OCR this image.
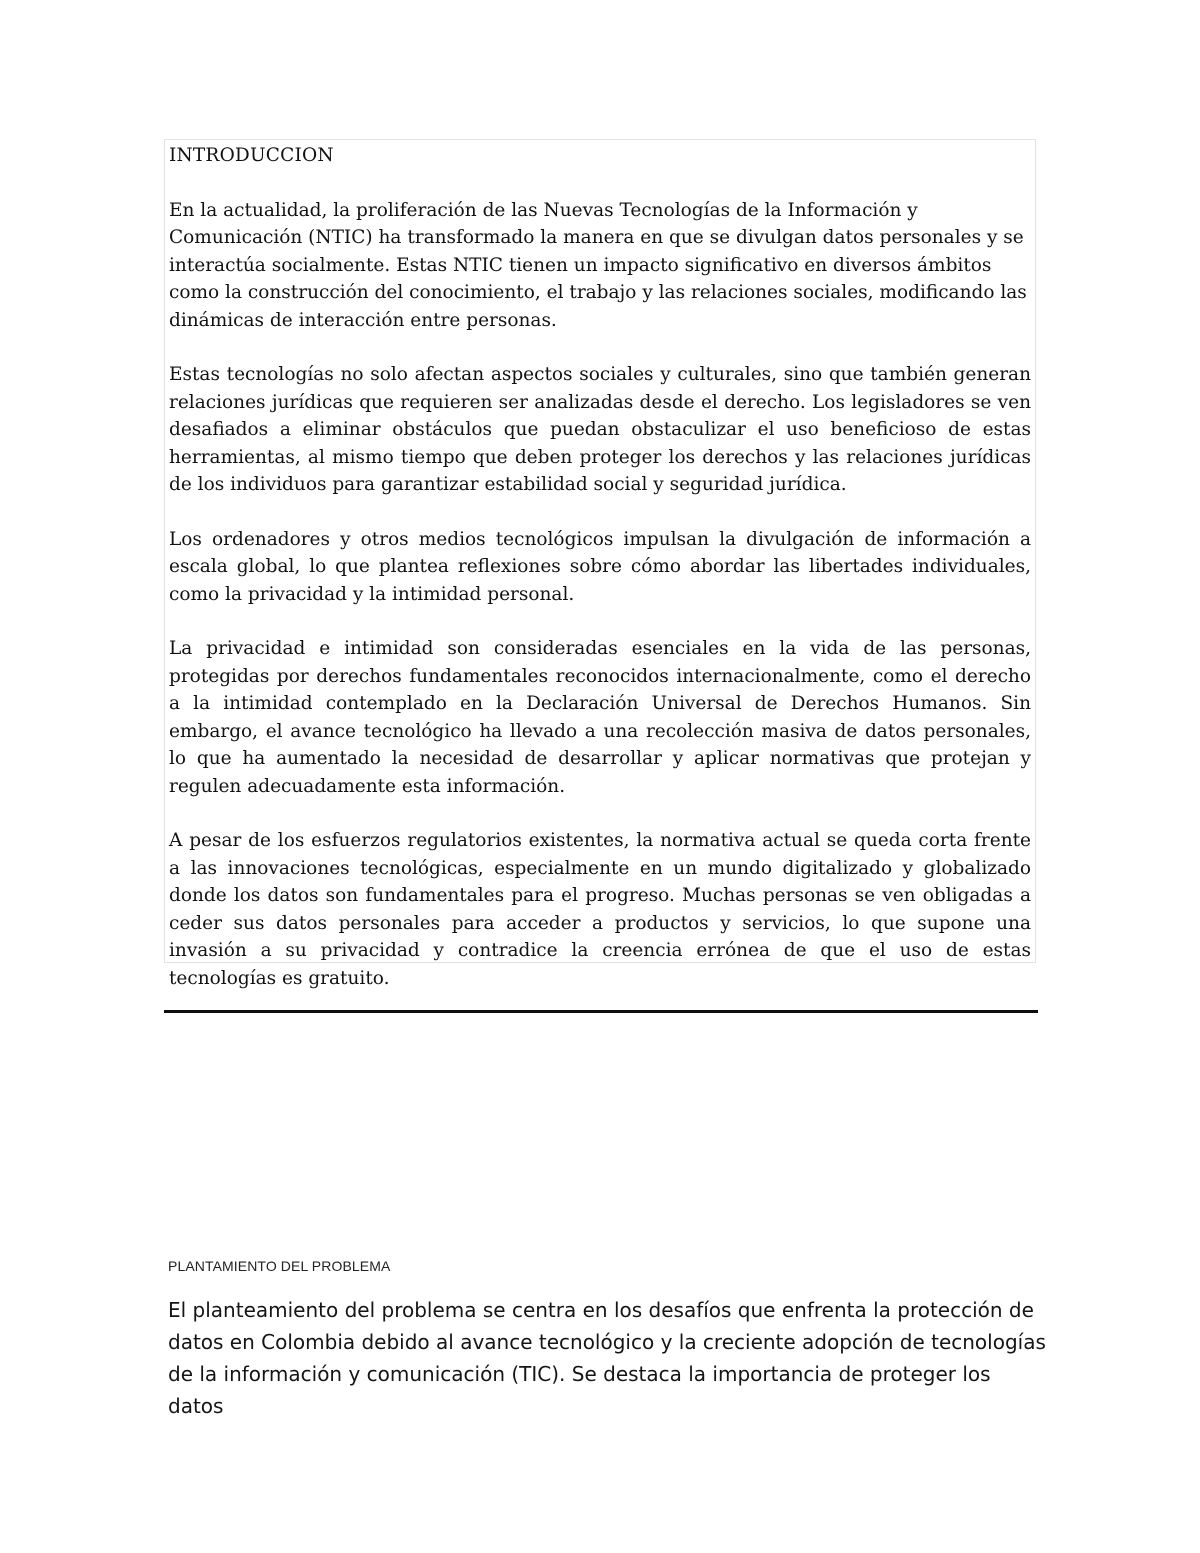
INTRODUCCION

En la actualidad, la proliferación de las Nuevas Tecnologías de la Información y Comunicación (NTIC) ha transformado la manera en que se divulgan datos personales y se interactúa socialmente. Estas NTIC tienen un impacto significativo en diversos ámbitos como la construcción del conocimiento, el trabajo y las relaciones sociales, modificando las dinámicas de interacción entre personas.

Estas tecnologías no solo afectan aspectos sociales y culturales, sino que también generan relaciones jurídicas que requieren ser analizadas desde el derecho. Los legisladores se ven desafiados a eliminar obstáculos que puedan obstaculizar el uso beneficioso de estas herramientas, al mismo tiempo que deben proteger los derechos y las relaciones jurídicas de los individuos para garantizar estabilidad social y seguridad jurídica.

Los ordenadores y otros medios tecnológicos impulsan la divulgación de información a escala global, lo que plantea reflexiones sobre cómo abordar las libertades individuales, como la privacidad y la intimidad personal.

La privacidad e intimidad son consideradas esenciales en la vida de las personas, protegidas por derechos fundamentales reconocidos internacionalmente, como el derecho a la intimidad contemplado en la Declaración Universal de Derechos Humanos. Sin embargo, el avance tecnológico ha llevado a una recolección masiva de datos personales, lo que ha aumentado la necesidad de desarrollar y aplicar normativas que protejan y regulen adecuadamente esta información.

A pesar de los esfuerzos regulatorios existentes, la normativa actual se queda corta frente a las innovaciones tecnológicas, especialmente en un mundo digitalizado y globalizado donde los datos son fundamentales para el progreso. Muchas personas se ven obligadas a ceder sus datos personales para acceder a productos y servicios, lo que supone una invasión a su privacidad y contradice la creencia errónea de que el uso de estas tecnologías es gratuito.

PLANTAMIENTO DEL PROBLEMA

El planteamiento del problema se centra en los desafíos que enfrenta la protección de datos en Colombia debido al avance tecnológico y la creciente adopción de tecnologías de la información y comunicación (TIC). Se destaca la importancia de proteger los datos
